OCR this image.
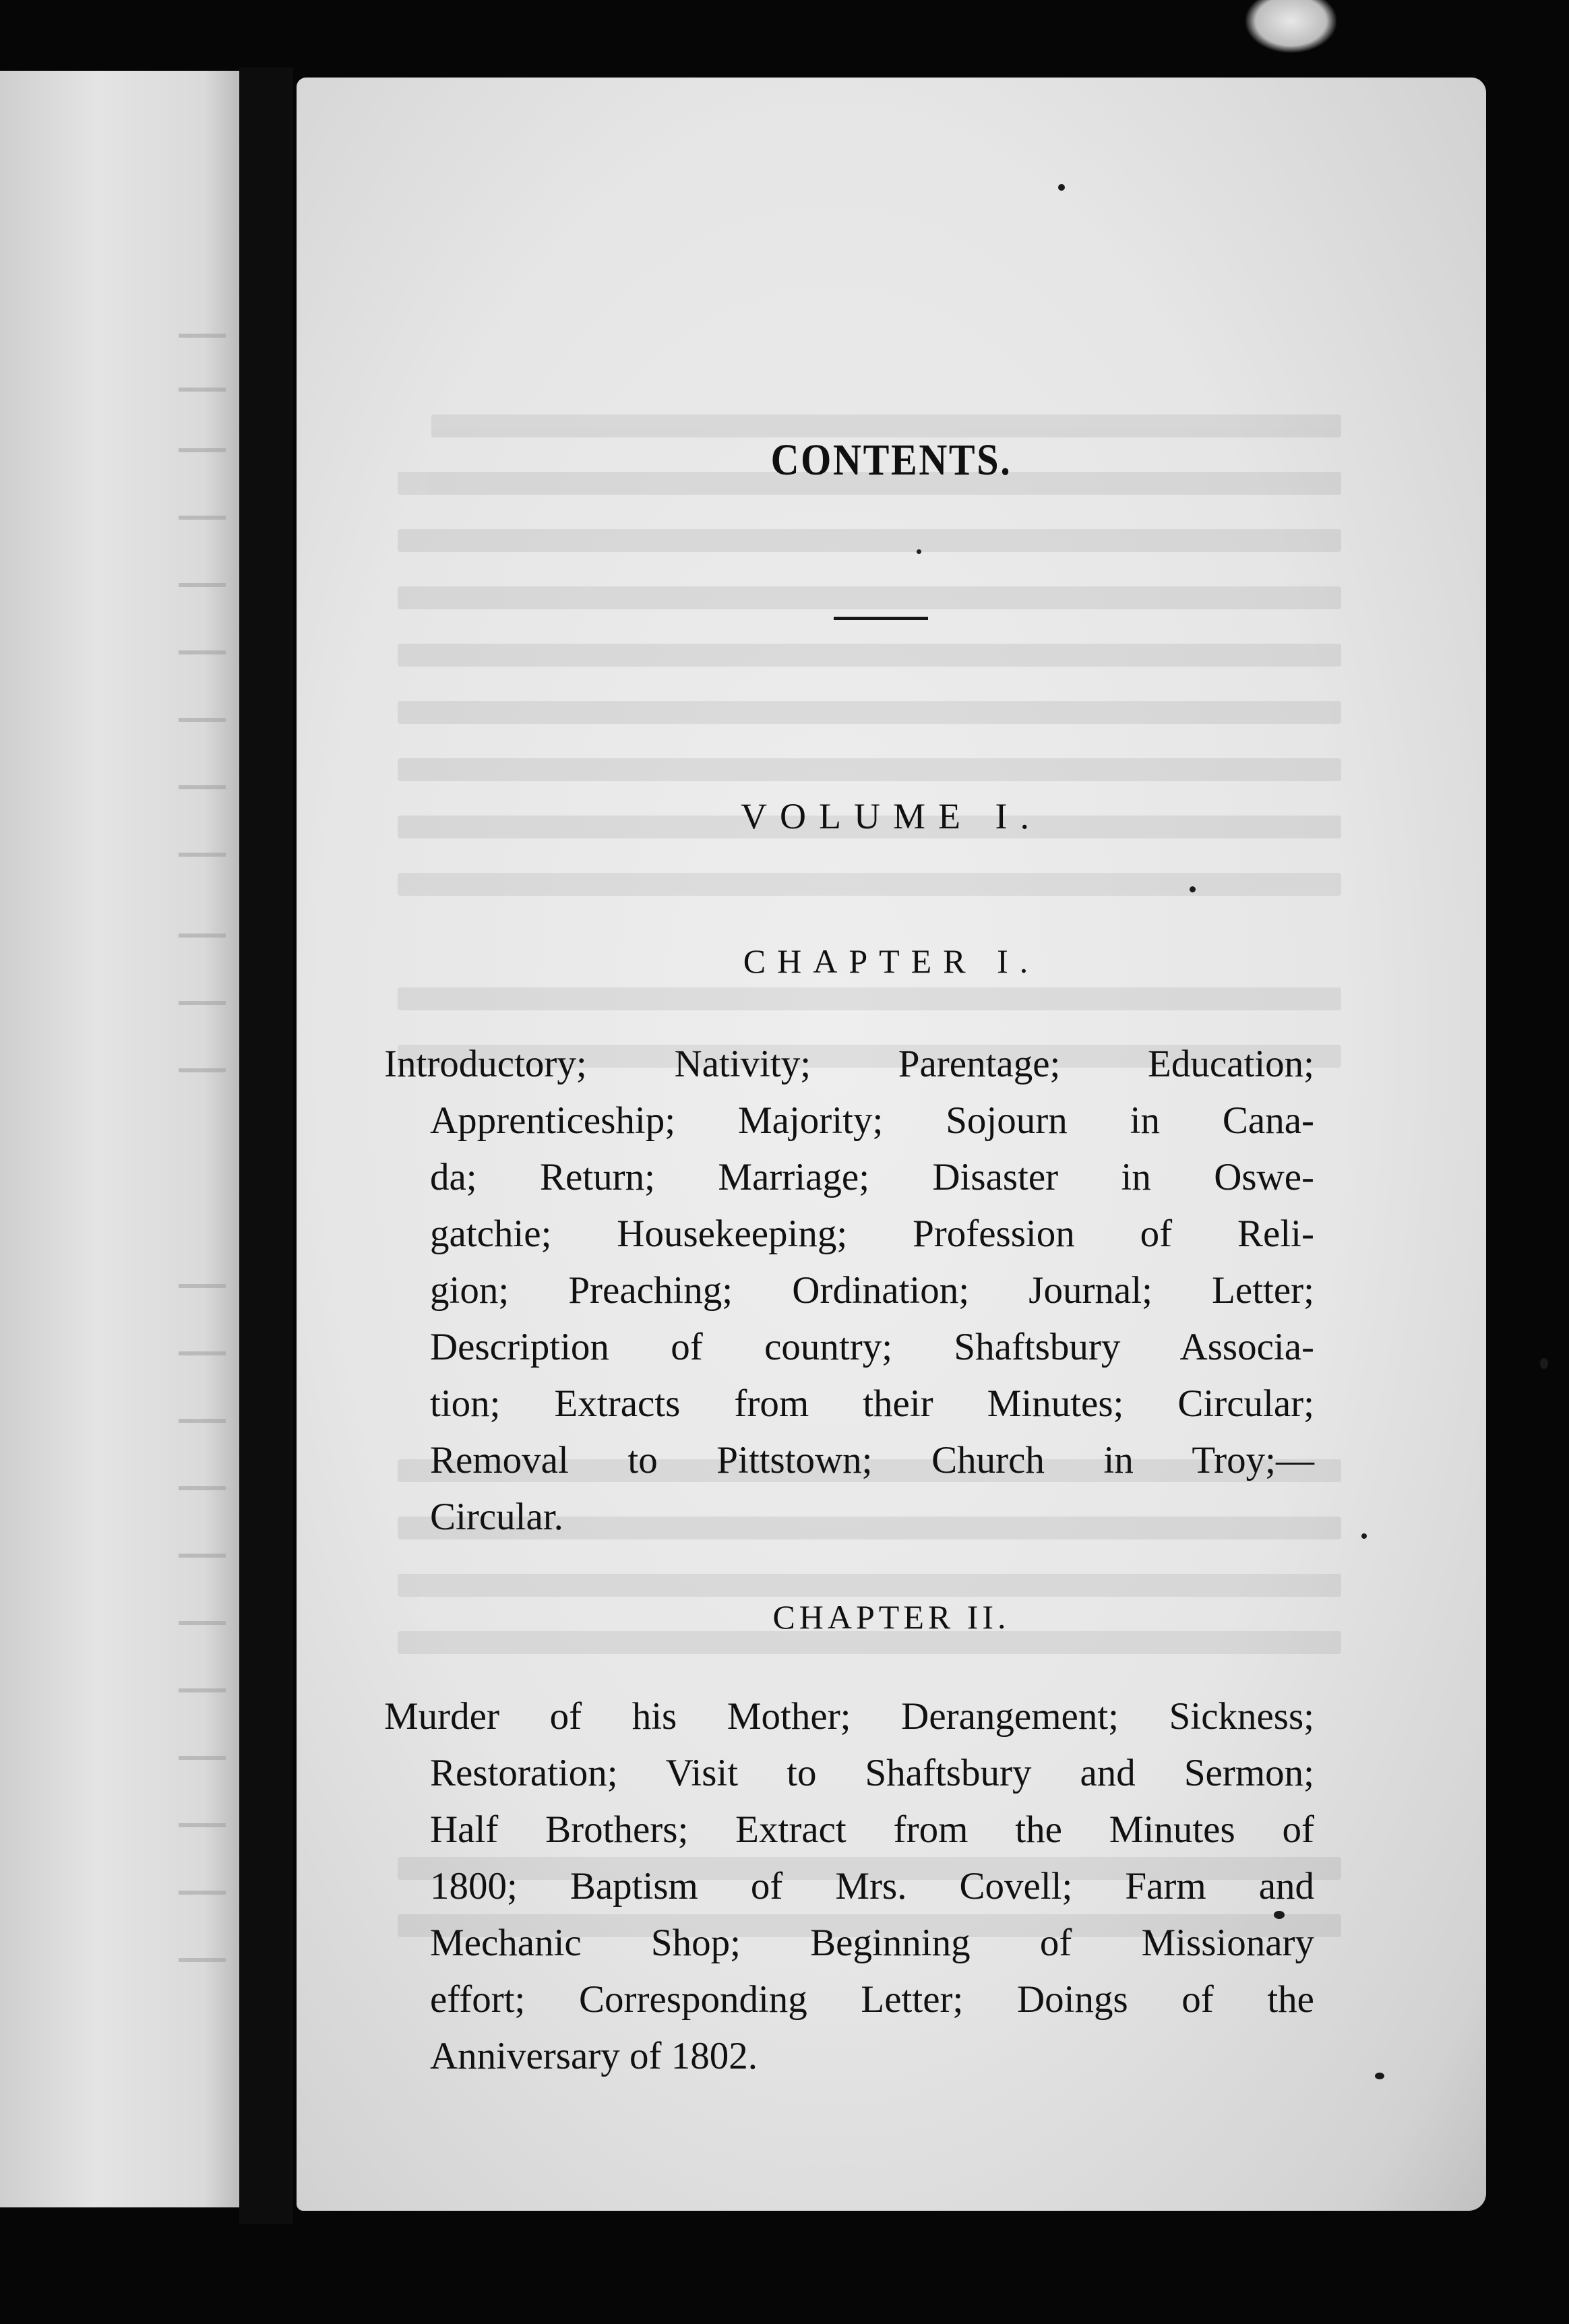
CONTENTS.
VOLUME I.
CHAPTER I.
Introductory; Nativity; Parentage; Education;
Apprenticeship; Majority; Sojourn in Cana-
da; Return; Marriage; Disaster in Oswe-
gatchie; Housekeeping; Profession of Reli-
gion; Preaching; Ordination; Journal; Letter;
Description of country; Shaftsbury Associa-
tion; Extracts from their Minutes; Circular;
Removal to Pittstown; Church in Troy;—
Circular.
CHAPTER II.
Murder of his Mother; Derangement; Sickness;
Restoration; Visit to Shaftsbury and Sermon;
Half Brothers; Extract from the Minutes of
1800; Baptism of Mrs. Covell; Farm and
Mechanic Shop; Beginning of Missionary
effort; Corresponding Letter; Doings of the
Anniversary of 1802.
